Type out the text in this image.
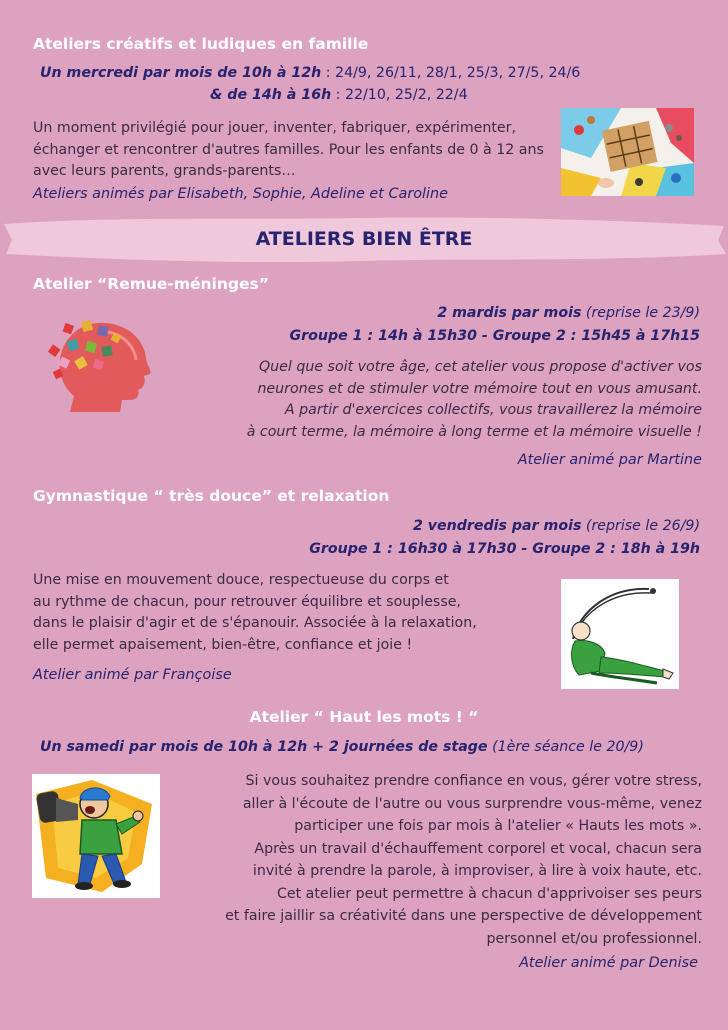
Ateliers créatifs et ludiques en famille
Un mercredi par mois de 10h à 12h : 24/9, 26/11, 28/1, 25/3, 27/5, 24/6
& de 14h à 16h : 22/10, 25/2, 22/4
Un moment privilégié pour jouer, inventer, fabriquer, expérimenter,
échanger et rencontrer d'autres familles. Pour les enfants de 0 à 12 ans
avec leurs parents, grands-parents…
Ateliers animés par Elisabeth, Sophie, Adeline et Caroline
ATELIERS BIEN ÊTRE
Atelier “Remue-méninges”
2 mardis par mois (reprise le 23/9)
Groupe 1 : 14h à 15h30 - Groupe 2 : 15h45 à 17h15
Quel que soit votre âge, cet atelier vous propose d'activer vos
neurones et de stimuler votre mémoire tout en vous amusant.
A partir d'exercices collectifs, vous travaillerez la mémoire
à court terme, la mémoire à long terme et la mémoire visuelle !
Atelier animé par Martine
Gymnastique “ très douce” et relaxation
2 vendredis par mois (reprise le 26/9)
Groupe 1 : 16h30 à 17h30 - Groupe 2 : 18h à 19h
Une mise en mouvement douce, respectueuse du corps et
au rythme de chacun, pour retrouver équilibre et souplesse,
dans le plaisir d'agir et de s'épanouir. Associée à la relaxation,
elle permet apaisement, bien-être, confiance et joie !
Atelier animé par Françoise
Atelier “ Haut les mots ! “
Un samedi par mois de 10h à 12h + 2 journées de stage (1ère séance le 20/9)
Si vous souhaitez prendre confiance en vous, gérer votre stress,
aller à l'écoute de l'autre ou vous surprendre vous-même, venez
participer une fois par mois à l'atelier « Hauts les mots ».
Après un travail d'échauffement corporel et vocal, chacun sera
invité à prendre la parole, à improviser, à lire à voix haute, etc.
Cet atelier peut permettre à chacun d'apprivoiser ses peurs
et faire jaillir sa créativité dans une perspective de développement
personnel et/ou professionnel.
Atelier animé par Denise
